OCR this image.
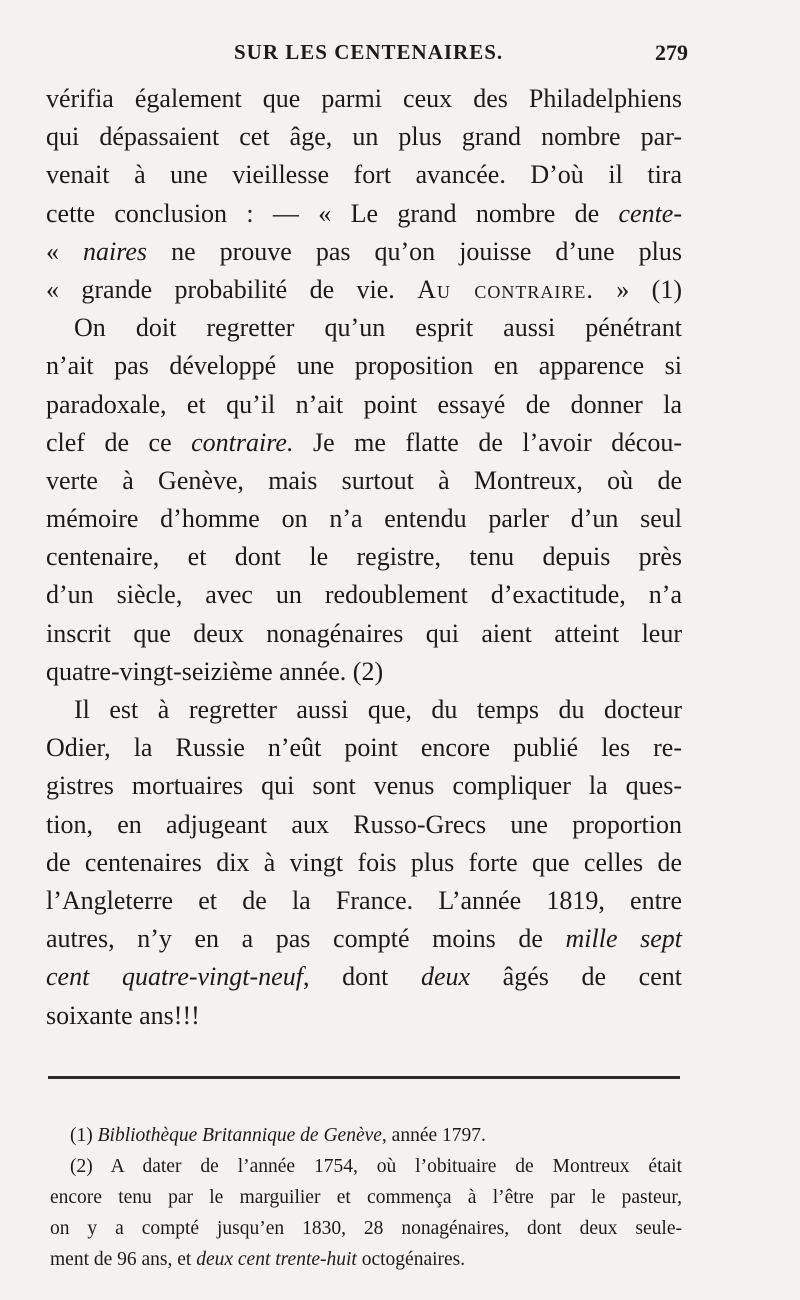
SUR LES CENTENAIRES.	279
vérifia également que parmi ceux des Philadelphiens
qui dépassaient cet âge, un plus grand nombre par-
venait à une vieillesse fort avancée. D’où il tira
cette conclusion : — « Le grand nombre de cente-
« naires ne prouve pas qu’on jouisse d’une plus
« grande probabilité de vie. Au contraire. » (1)
On doit regretter qu’un esprit aussi pénétrant
n’ait pas développé une proposition en apparence si
paradoxale, et qu’il n’ait point essayé de donner la
clef de ce contraire. Je me flatte de l’avoir décou-
verte à Genève, mais surtout à Montreux, où de
mémoire d’homme on n’a entendu parler d’un seul
centenaire, et dont le registre, tenu depuis près
d’un siècle, avec un redoublement d’exactitude, n’a
inscrit que deux nonagénaires qui aient atteint leur
quatre-vingt-seizième année. (2)
Il est à regretter aussi que, du temps du docteur
Odier, la Russie n’eût point encore publié les re-
gistres mortuaires qui sont venus compliquer la ques-
tion, en adjugeant aux Russo-Grecs une proportion
de centenaires dix à vingt fois plus forte que celles de
l’Angleterre et de la France. L’année 1819, entre
autres, n’y en a pas compté moins de mille sept
cent quatre-vingt-neuf, dont deux âgés de cent
soixante ans!!!
(1) Bibliothèque Britannique de Genève, année 1797.
(2) A dater de l’année 1754, où l’obituaire de Montreux était
encore tenu par le marguilier et commença à l’être par le pasteur,
on y a compté jusqu’en 1830, 28 nonagénaires, dont deux seule-
ment de 96 ans, et deux cent trente-huit octogénaires.
